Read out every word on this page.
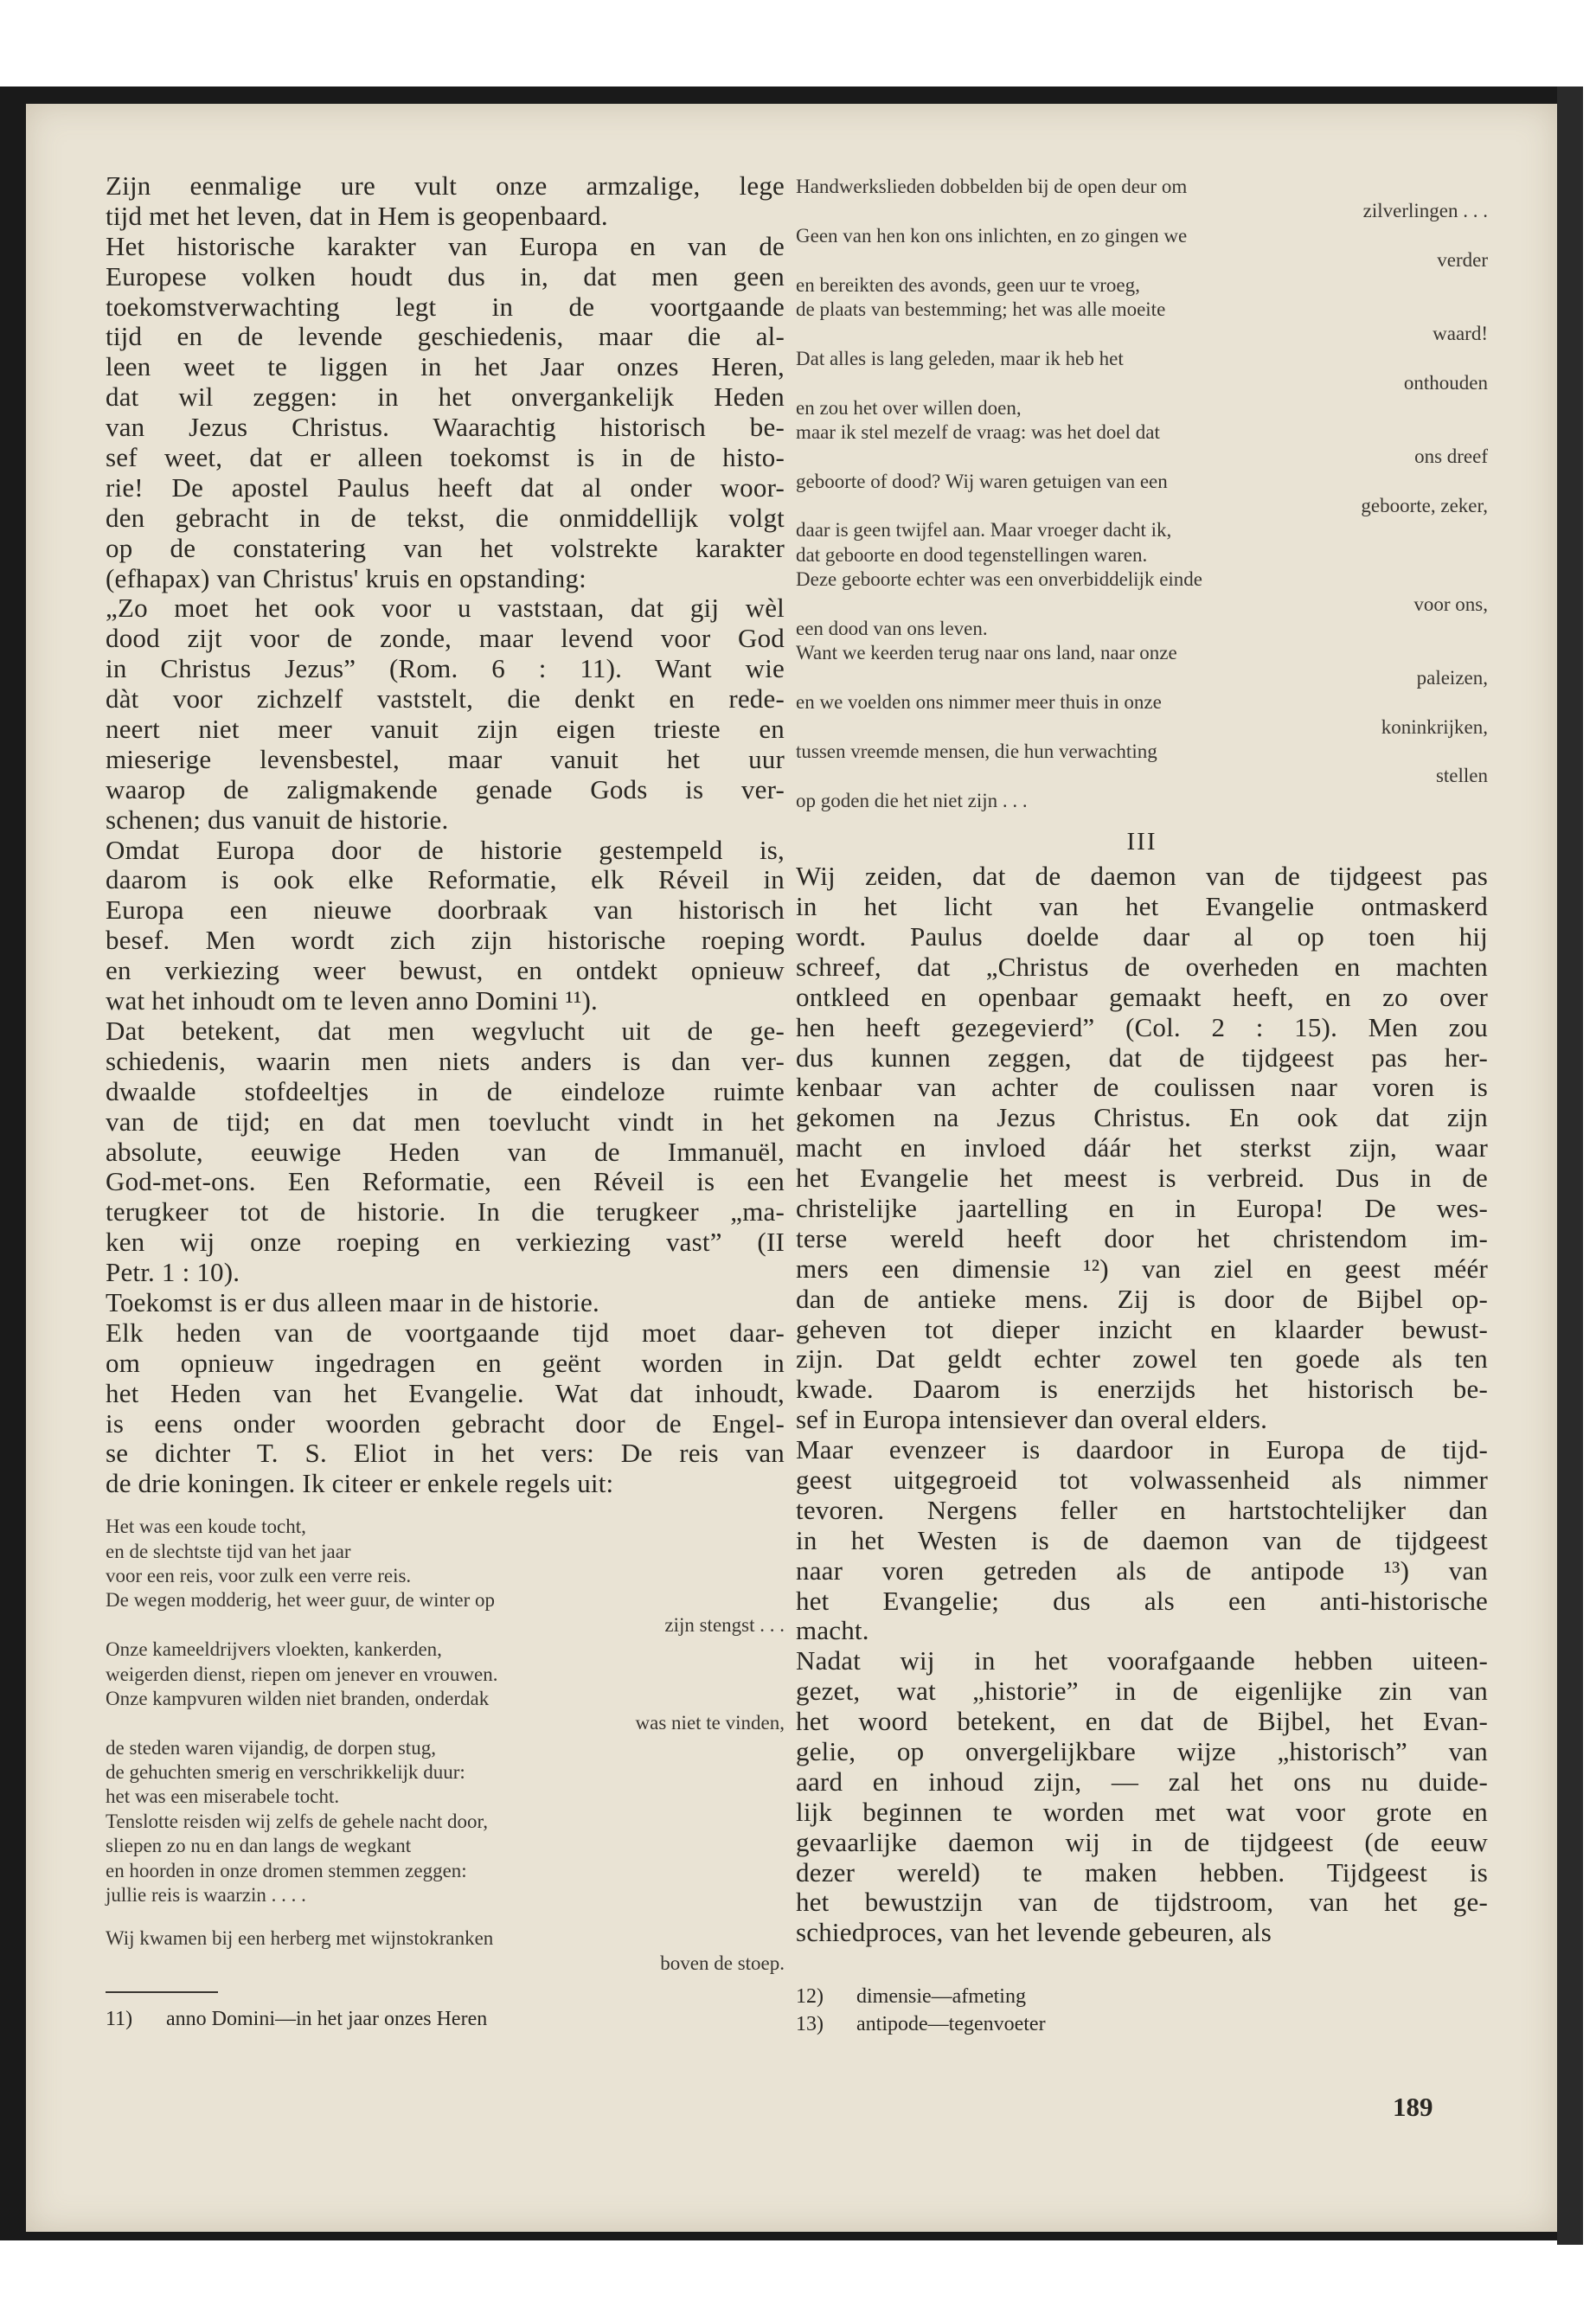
Zijn eenmalige ure vult onze armzalige, lege
tijd met het leven, dat in Hem is geopenbaard.
Het historische karakter van Europa en van de
Europese volken houdt dus in, dat men geen
toekomstverwachting legt in de voortgaande
tijd en de levende geschiedenis, maar die al-
leen weet te liggen in het Jaar onzes Heren,
dat wil zeggen: in het onvergankelijk Heden
van Jezus Christus. Waarachtig historisch be-
sef weet, dat er alleen toekomst is in de histo-
rie! De apostel Paulus heeft dat al onder woor-
den gebracht in de tekst, die onmiddellijk volgt
op de constatering van het volstrekte karakter
(efhapax) van Christus' kruis en opstanding:
„Zo moet het ook voor u vaststaan, dat gij wèl
dood zijt voor de zonde, maar levend voor God
in Christus Jezus” (Rom. 6 : 11). Want wie
dàt voor zichzelf vaststelt, die denkt en rede-
neert niet meer vanuit zijn eigen trieste en
mieserige levensbestel, maar vanuit het uur
waarop de zaligmakende genade Gods is ver-
schenen; dus vanuit de historie.
Omdat Europa door de historie gestempeld is,
daarom is ook elke Reformatie, elk Réveil in
Europa een nieuwe doorbraak van historisch
besef. Men wordt zich zijn historische roeping
en verkiezing weer bewust, en ontdekt opnieuw
wat het inhoudt om te leven anno Domini ¹¹).
Dat betekent, dat men wegvlucht uit de ge-
schiedenis, waarin men niets anders is dan ver-
dwaalde stofdeeltjes in de eindeloze ruimte
van de tijd; en dat men toevlucht vindt in het
absolute, eeuwige Heden van de Immanuël,
God-met-ons. Een Reformatie, een Réveil is een
terugkeer tot de historie. In die terugkeer „ma-
ken wij onze roeping en verkiezing vast” (II
Petr. 1 : 10).
Toekomst is er dus alleen maar in de historie.
Elk heden van de voortgaande tijd moet daar-
om opnieuw ingedragen en geënt worden in
het Heden van het Evangelie. Wat dat inhoudt,
is eens onder woorden gebracht door de Engel-
se dichter T. S. Eliot in het vers: De reis van
de drie koningen. Ik citeer er enkele regels uit:
Het was een koude tocht,
en de slechtste tijd van het jaar
voor een reis, voor zulk een verre reis.
De wegen modderig, het weer guur, de winter op
zijn stengst . . .
Onze kameeldrijvers vloekten, kankerden,
weigerden dienst, riepen om jenever en vrouwen.
Onze kampvuren wilden niet branden, onderdak
was niet te vinden,
de steden waren vijandig, de dorpen stug,
de gehuchten smerig en verschrikkelijk duur:
het was een miserabele tocht.
Tenslotte reisden wij zelfs de gehele nacht door,
sliepen zo nu en dan langs de wegkant
en hoorden in onze dromen stemmen zeggen:
jullie reis is waarzin . . . .
Wij kwamen bij een herberg met wijnstokranken
boven de stoep.
11) anno Domini—in het jaar onzes Heren
Handwerkslieden dobbelden bij de open deur om
zilverlingen . . .
Geen van hen kon ons inlichten, en zo gingen we
verder
en bereikten des avonds, geen uur te vroeg,
de plaats van bestemming; het was alle moeite
waard!
Dat alles is lang geleden, maar ik heb het
onthouden
en zou het over willen doen,
maar ik stel mezelf de vraag: was het doel dat
ons dreef
geboorte of dood? Wij waren getuigen van een
geboorte, zeker,
daar is geen twijfel aan. Maar vroeger dacht ik,
dat geboorte en dood tegenstellingen waren.
Deze geboorte echter was een onverbiddelijk einde
voor ons,
een dood van ons leven.
Want we keerden terug naar ons land, naar onze
paleizen,
en we voelden ons nimmer meer thuis in onze
koninkrijken,
tussen vreemde mensen, die hun verwachting
stellen
op goden die het niet zijn . . .
III
Wij zeiden, dat de daemon van de tijdgeest pas
in het licht van het Evangelie ontmaskerd
wordt. Paulus doelde daar al op toen hij
schreef, dat „Christus de overheden en machten
ontkleed en openbaar gemaakt heeft, en zo over
hen heeft gezegevierd” (Col. 2 : 15). Men zou
dus kunnen zeggen, dat de tijdgeest pas her-
kenbaar van achter de coulissen naar voren is
gekomen na Jezus Christus. En ook dat zijn
macht en invloed dáár het sterkst zijn, waar
het Evangelie het meest is verbreid. Dus in de
christelijke jaartelling en in Europa! De wes-
terse wereld heeft door het christendom im-
mers een dimensie ¹²) van ziel en geest méér
dan de antieke mens. Zij is door de Bijbel op-
geheven tot dieper inzicht en klaarder bewust-
zijn. Dat geldt echter zowel ten goede als ten
kwade. Daarom is enerzijds het historisch be-
sef in Europa intensiever dan overal elders.
Maar evenzeer is daardoor in Europa de tijd-
geest uitgegroeid tot volwassenheid als nimmer
tevoren. Nergens feller en hartstochtelijker dan
in het Westen is de daemon van de tijdgeest
naar voren getreden als de antipode ¹³) van
het Evangelie; dus als een anti-historische
macht.
Nadat wij in het voorafgaande hebben uiteen-
gezet, wat „historie” in de eigenlijke zin van
het woord betekent, en dat de Bijbel, het Evan-
gelie, op onvergelijkbare wijze „historisch” van
aard en inhoud zijn, — zal het ons nu duide-
lijk beginnen te worden met wat voor grote en
gevaarlijke daemon wij in de tijdgeest (de eeuw
dezer wereld) te maken hebben. Tijdgeest is
het bewustzijn van de tijdstroom, van het ge-
schiedproces, van het levende gebeuren, als
12) dimensie—afmeting
13) antipode—tegenvoeter
189
